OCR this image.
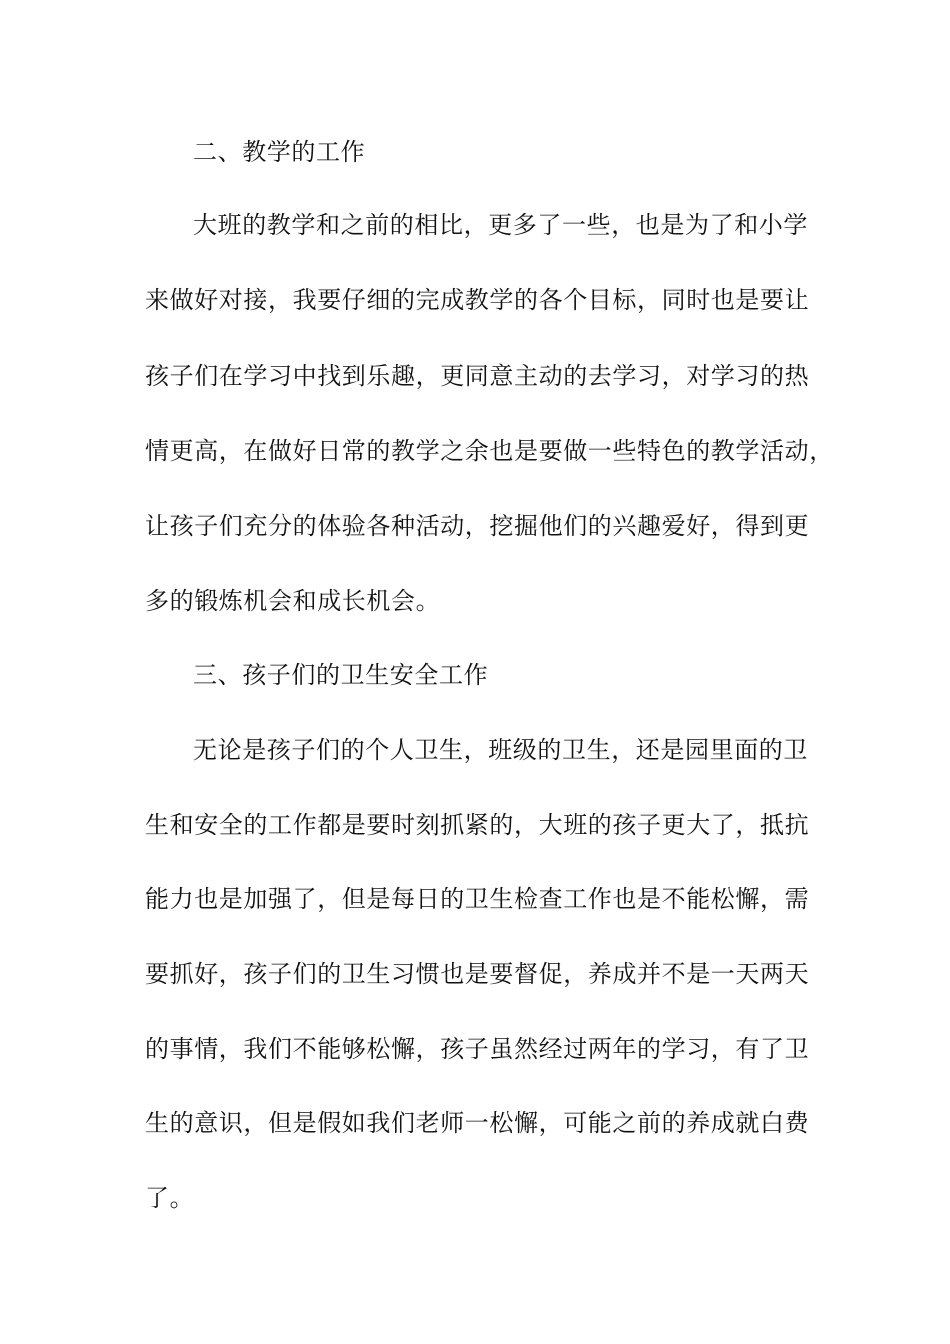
二、教学的工作

大班的教学和之前的相比，更多了一些，也是为了和小学

来做好对接，我要仔细的完成教学的各个目标，同时也是要让

孩子们在学习中找到乐趣，更同意主动的去学习，对学习的热

情更高，在做好日常的教学之余也是要做一些特色的教学活动，

让孩子们充分的体验各种活动，挖掘他们的兴趣爱好，得到更

多的锻炼机会和成长机会。

三、孩子们的卫生安全工作

无论是孩子们的个人卫生，班级的卫生，还是园里面的卫

生和安全的工作都是要时刻抓紧的，大班的孩子更大了，抵抗

能力也是加强了，但是每日的卫生检查工作也是不能松懈，需

要抓好，孩子们的卫生习惯也是要督促，养成并不是一天两天

的事情，我们不能够松懈，孩子虽然经过两年的学习，有了卫

生的意识，但是假如我们老师一松懈，可能之前的养成就白费

了。
